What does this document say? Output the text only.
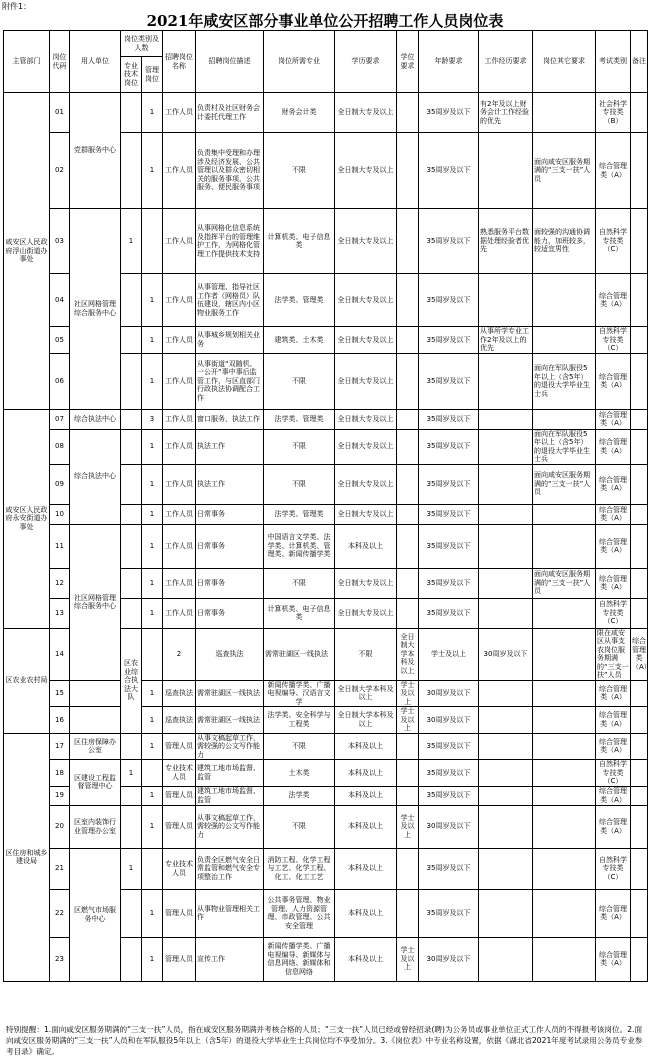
附件1：
2021年咸安区部分事业单位公开招聘工作人员岗位表
主管部门	岗位代码	用人单位	岗位类别及人数		招聘岗位名称	招聘岗位描述	岗位所需专业	学历要求	学位要求	年龄要求	工作经历要求	岗位其它要求	考试类别	备注	
			专业技术岗位	管理岗位											
咸安区人民政府浮山街道办事处	01	党群服务中心		1	工作人员	负责村及社区财务会计委托代理工作	财务会计类	全日制大专及以上		35周岁及以下	有2年及以上财务会计工作经验的优先		社会科学专技类（B）		
	02			1	工作人员	负责集中受理和办理涉及经济发展、公共管理以及群众密切相关的服务事项，公共服务、便民服务事项	不限	全日制大专及以上		35周岁及以下		面向咸安区服务期满的“三支一扶”人员	综合管理类（A）		
	03	社区网格管理综合服务中心	1		工作人员	从事网格化信息系统及指挥平台的管理维护工作，为网格化管理工作提供技术支持	计算机类、电子信息类	全日制大专及以上		35周岁及以下	熟悉服务平台数据处理经验者优先	面较强的沟通协调能力，加班较多，较适宜男性	自然科学专技类（C）		
	04			1	工作人员	从事管理、指导社区工作者（网格员）队伍建设，辖区内小区物业服务工作	法学类、管理类	全日制大专及以上		35周岁及以下			综合管理类（A）		
	05			1	工作人员	从事城乡规划相关业务	建筑类、土木类	全日制大专及以上		35周岁及以下	从事所学专业工作2年及以上的优先		自然科学专技类（C）		
	06			1	工作人员	从事街道“双随机、一公开”事中事后监管工作，与区直部门行政执法协调配合工作	不限	全日制大专及以上		35周岁及以下		面向在军队服役5年以上（含5年）的退役大学毕业生士兵	综合管理类（A）		
咸安区人民政府永安街道办事处	07	综合执法中心		3	工作人员	窗口服务、执法工作	法学类、管理类	全日制大专及以上		35周岁及以下			综合管理类（A）		
	08	综合执法中心		1	工作人员	执法工作	不限	全日制大专及以上		35周岁及以下		面向在军队服役5年以上（含5年）的退役大学毕业生士兵	综合管理类（A）		
	09			1	工作人员	执法工作	不限	全日制大专及以上		35周岁及以下		面向咸安区服务期满的“三支一扶”人员	综合管理类（A）		
	10			1	工作人员	日常事务	法学类、管理类	全日制大专及以上		35周岁及以下			综合管理类（A）		
	11	社区网格管理综合服务中心		1	工作人员	日常事务	中国语言文学类、法学类、计算机类、管理类、新闻传播学类	本科及以上		35周岁及以下			综合管理类（A）		
	12			1	工作人员	日常事务	不限	全日制大专及以上		35周岁及以下		面向咸安区服务期满的“三支一扶”人员	综合管理类（A）		
	13			1	工作人员	日常事务	计算机类、电子信息类	全日制大专及以上		35周岁及以下			自然科学专技类（C）		
区农业农村局	14		区农业综合执法大队		2	巡查执法	需常驻湖区一线执法	不限	全日制大学本科及以上	学士及以上	30周岁及以下		限在咸安区从事支农岗位服务期满的“三支一扶”人员	综合管理类（A）	
	15			1	巡查执法	需常驻湖区一线执法	新闻传播学类、广播电视编导、汉语言文学	全日制大学本科及以上	学士及以上	30周岁及以下			综合管理类（A）		
	16			1	巡查执法	需常驻湖区一线执法	法学类、安全科学与工程类	全日制大学本科及以上	学士及以上	30周岁及以下			综合管理类（A）		
区住房和城乡建设局	17	区住房保障办公室		1	管理人员	从事文稿起草工作，需较强的公文写作能力	不限	本科及以上		35周岁及以下			综合管理类（A）		
	18	区建设工程监督管理中心	1		专业技术人员	建筑工地市场监督、监管	土木类	本科及以上		35周岁及以下			自然科学专技类（C）		
	19			1	管理人员	建筑工地市场监督、监管	法学类	本科及以上		35周岁及以下			综合管理类（A）		
	20	区室内装饰行业管理办公室		1	管理人员	从事文稿起草工作，需较强的公文写作能力	不限	本科及以上	学士及以上	30周岁及以下			综合管理类（A）		
	21	区燃气市场服务中心	1		专业技术人员	负责全区燃气安全日常监管和燃气安全专项整治工作	消防工程、化学工程与工艺、化学工程、化工、化工工艺	本科及以上		35周岁及以下			自然科学专技类（C）		
	22			1	管理人员	从事物业管理相关工作	公共事务管理、物业管理、人力资源管理、市政管理、公共安全管理	本科及以上		35周岁及以下			综合管理类（A）		
	23			1	管理人员	宣传工作	新闻传播学类、广播电视编导、新媒体与信息网络、新媒体和信息网络	本科及以上	学士及以上	30周岁及以下			综合管理类（A）		
特别提醒：1.面向咸安区服务期满的“三支一扶”人员，指在咸安区服务期满并考核合格的人员；“三支一扶”人员已经或曾经招录(聘)为公务员或事业单位正式工作人员的不得报考该岗位。2.面向咸安区服务期满的“三支一扶”人员和在军队服役5年以上（含5年）的退役大学毕业生士兵岗位均不享受加分。3.《岗位表》中专业名称设置，依据《湖北省2021年度考试录用公务员专业参考目录》确定。
